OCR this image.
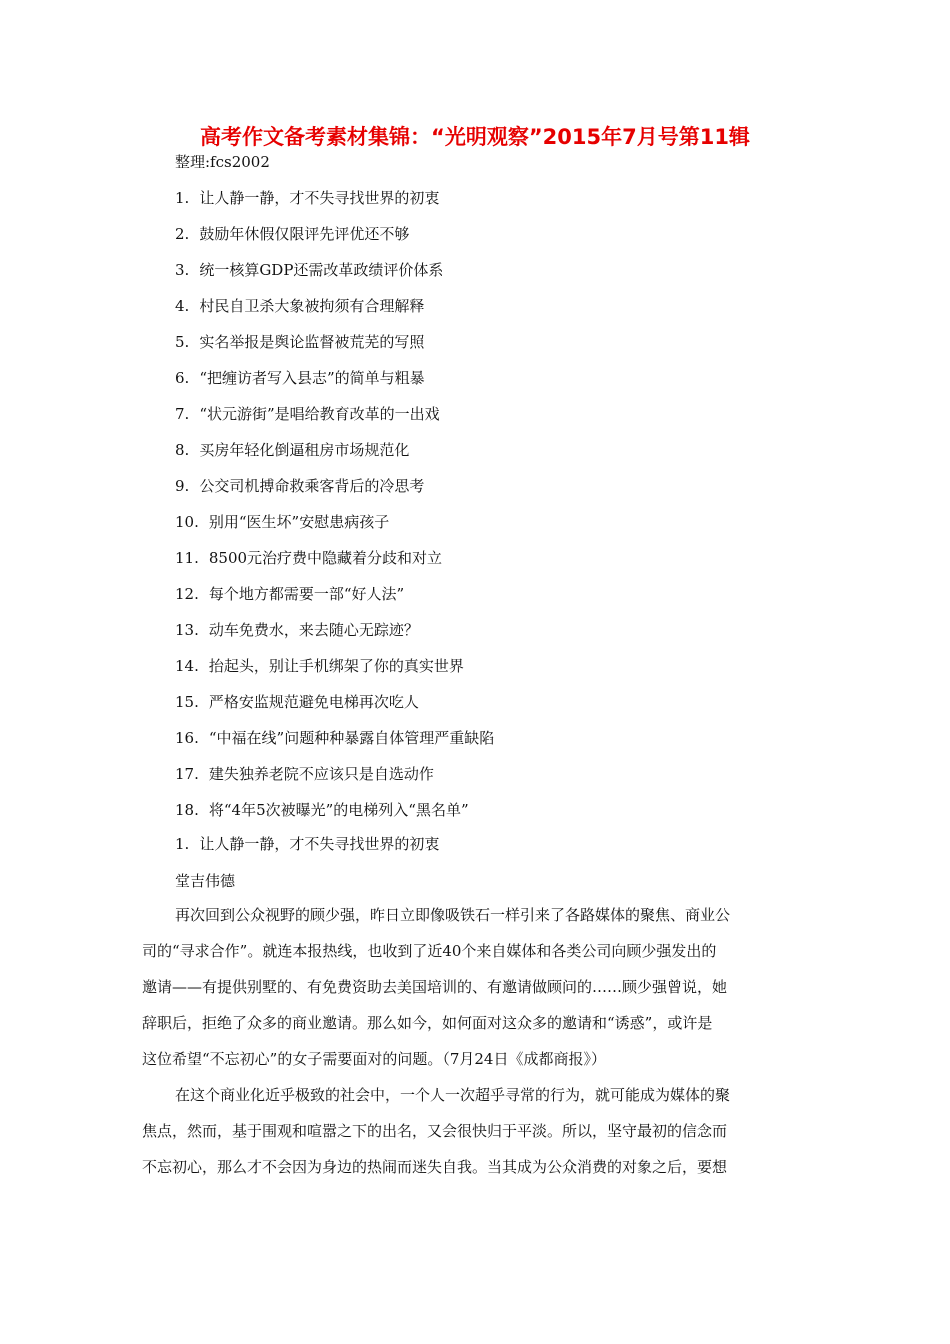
高考作文备考素材集锦：“光明观察”2015年7月号第11辑
整理:fcs2002
1. 让人静一静，才不失寻找世界的初衷
2. 鼓励年休假仅限评先评优还不够
3. 统一核算GDP还需改革政绩评价体系
4. 村民自卫杀大象被拘须有合理解释
5. 实名举报是舆论监督被荒芜的写照
6. “把缠访者写入县志”的简单与粗暴
7. “状元游街”是唱给教育改革的一出戏
8. 买房年轻化倒逼租房市场规范化
9. 公交司机搏命救乘客背后的冷思考
10. 别用“医生坏”安慰患病孩子
11. 8500元治疗费中隐藏着分歧和对立
12. 每个地方都需要一部“好人法”
13. 动车免费水，来去随心无踪迹？
14. 抬起头，别让手机绑架了你的真实世界
15. 严格安监规范避免电梯再次吃人
16. “中福在线”问题种种暴露自体管理严重缺陷
17. 建失独养老院不应该只是自选动作
18. 将“4年5次被曝光”的电梯列入“黑名单”
1. 让人静一静，才不失寻找世界的初衷
堂吉伟德
再次回到公众视野的顾少强，昨日立即像吸铁石一样引来了各路媒体的聚焦、商业公
司的“寻求合作”。就连本报热线，也收到了近40个来自媒体和各类公司向顾少强发出的
邀请——有提供别墅的、有免费资助去美国培训的、有邀请做顾问的……顾少强曾说，她
辞职后，拒绝了众多的商业邀请。那么如今，如何面对这众多的邀请和“诱惑”，或许是
这位希望“不忘初心”的女子需要面对的问题。（7月24日《成都商报》）
在这个商业化近乎极致的社会中，一个人一次超乎寻常的行为，就可能成为媒体的聚
焦点，然而，基于围观和喧嚣之下的出名，又会很快归于平淡。所以，坚守最初的信念而
不忘初心，那么才不会因为身边的热闹而迷失自我。当其成为公众消费的对象之后，要想
